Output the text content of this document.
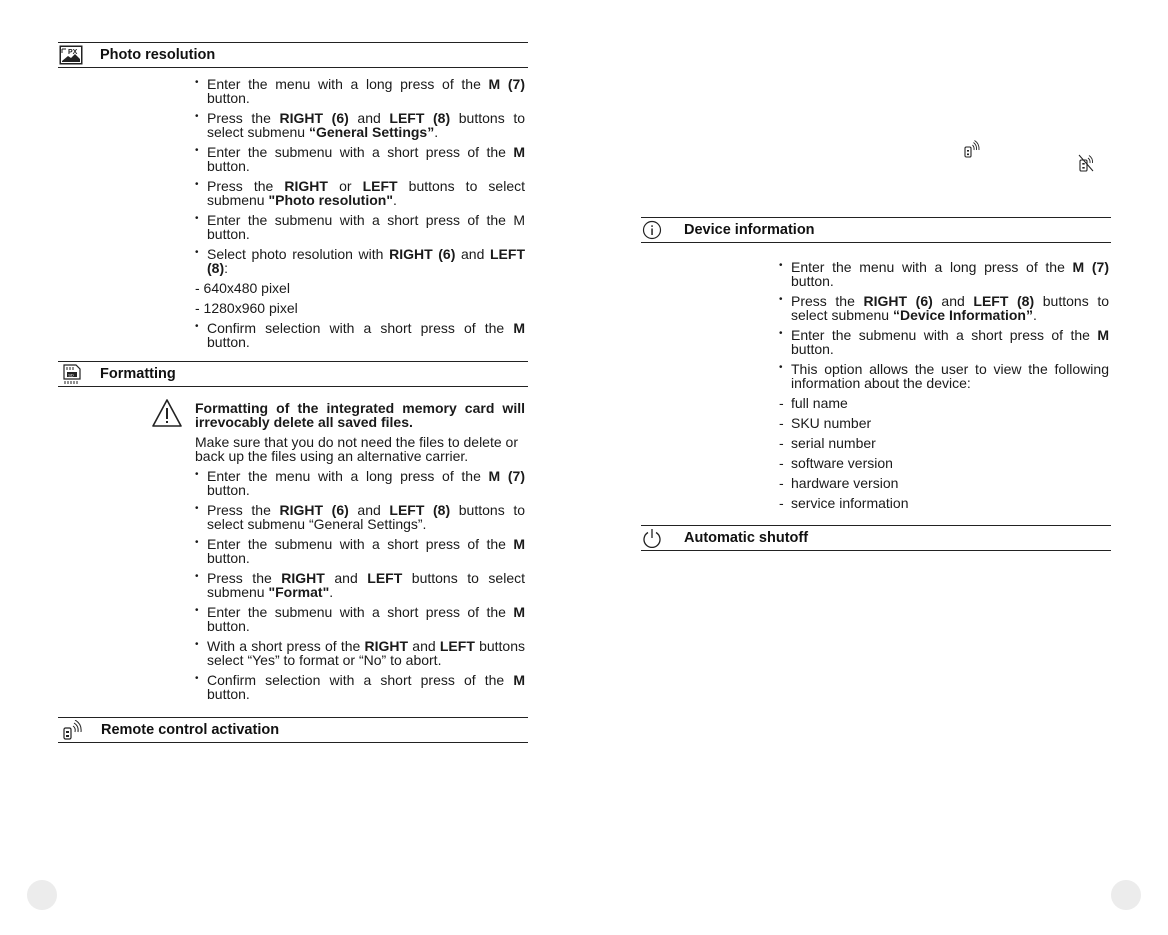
PX Photo resolution
• Enter the menu with a long press of the M (7) button.
• Press the RIGHT (6) and LEFT (8) buttons to select submenu “General Settings”.
• Enter the submenu with a short press of the M button.
• Press the RIGHT or LEFT buttons to select submenu "Photo resolution".
• Enter the submenu with a short press of the M button.
• Select photo resolution with RIGHT (6) and LEFT (8):
- 640x480 pixel
- 1280x960 pixel
• Confirm selection with a short press of the M button.
SD Formatting
Formatting of the integrated memory card will irrevocably delete all saved files.
Make sure that you do not need the files to delete or back up the files using an alternative carrier.
• Enter the menu with a long press of the M (7) button.
• Press the RIGHT (6) and LEFT (8) buttons to select submenu “General Settings”.
• Enter the submenu with a short press of the M button.
• Press the RIGHT and LEFT buttons to select submenu "Format".
• Enter the submenu with a short press of the M button.
• With a short press of the RIGHT and LEFT buttons select “Yes” to format or “No” to abort.
• Confirm selection with a short press of the M button.
Remote control activation
Device information
• Enter the menu with a long press of the M (7) button.
• Press the RIGHT (6) and LEFT (8) buttons to select submenu “Device Information”.
• Enter the submenu with a short press of the M button.
• This option allows the user to view the following information about the device:
- full name
- SKU number
- serial number
- software version
- hardware version
- service information
Automatic shutoff
